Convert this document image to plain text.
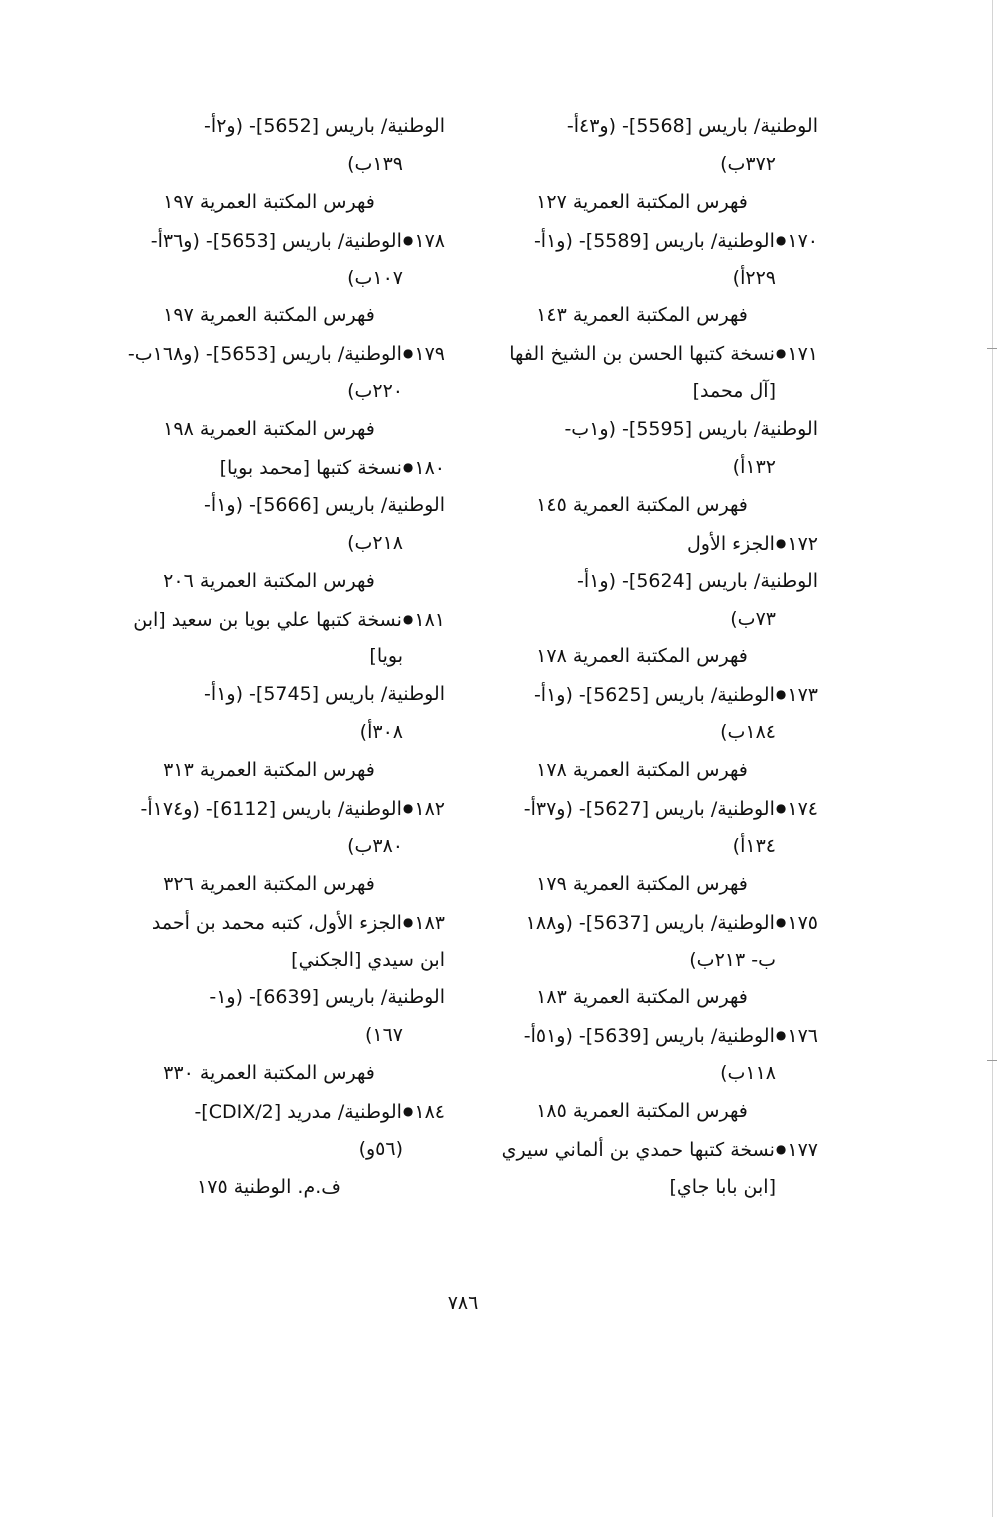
الوطنية/ باريس [5568]- (و٤٣أ-
٣٧٢ب)
فهرس المكتبة العمرية ١٢٧
١٧٠●الوطنية/ باريس [5589]- (و١أ-
٢٢٩أ)
فهرس المكتبة العمرية ١٤٣
١٧١●نسخة كتبها الحسن بن الشيخ الفها
[آل محمد]
الوطنية/ باريس [5595]- (و١ب-
١٣٢أ)
فهرس المكتبة العمرية ١٤٥
١٧٢●الجزء الأول
الوطنية/ باريس [5624]- (و١أ-
٧٣ب)
فهرس المكتبة العمرية ١٧٨
١٧٣●الوطنية/ باريس [5625]- (و١أ-
١٨٤ب)
فهرس المكتبة العمرية ١٧٨
١٧٤●الوطنية/ باريس [5627]- (و٣٧أ-
١٣٤أ)
فهرس المكتبة العمرية ١٧٩
١٧٥●الوطنية/ باريس [5637]- (و١٨٨
ب- ٢١٣ب)
فهرس المكتبة العمرية ١٨٣
١٧٦●الوطنية/ باريس [5639]- (و٥١أ-
١١٨ب)
فهرس المكتبة العمرية ١٨٥
١٧٧●نسخة كتبها حمدي بن ألماني سيري
[ابن بابا جاي]
الوطنية/ باريس [5652]- (و٢أ-
١٣٩ب)
فهرس المكتبة العمرية ١٩٧
١٧٨●الوطنية/ باريس [5653]- (و٣٦أ-
١٠٧ب)
فهرس المكتبة العمرية ١٩٧
١٧٩●الوطنية/ باريس [5653]- (و١٦٨ب-
٢٢٠ب)
فهرس المكتبة العمرية ١٩٨
١٨٠●نسخة كتبها [محمد بويا]
الوطنية/ باريس [5666]- (و١أ-
٢١٨ب)
فهرس المكتبة العمرية ٢٠٦
١٨١●نسخة كتبها علي بويا بن سعيد [ابن
بويا]
الوطنية/ باريس [5745]- (و١أ-
٣٠٨أ)
فهرس المكتبة العمرية ٣١٣
١٨٢●الوطنية/ باريس [6112]- (و١٧٤أ-
٣٨٠ب)
فهرس المكتبة العمرية ٣٢٦
١٨٣●الجزء الأول، كتبه محمد بن أحمد
ابن سيدي [الجكني]
الوطنية/ باريس [6639]- (و١-
١٦٧)
فهرس المكتبة العمرية ٣٣٠
١٨٤●الوطنية/ مدريد [CDIX/2]-
(٥٦و)
ف.م. الوطنية ١٧٥
٧٨٦
